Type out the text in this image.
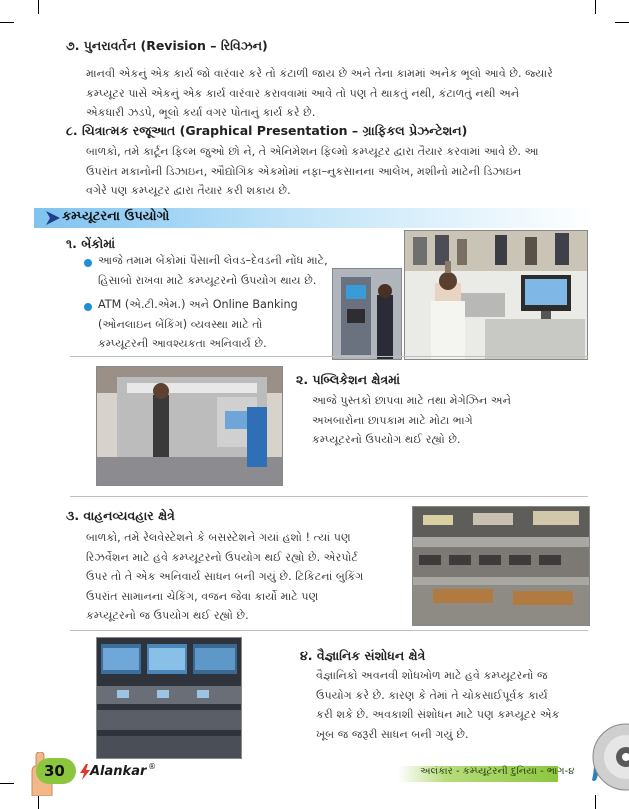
૭. પુનરાવર્તન (Revision – રિવિઝન)
માનવી એકનું એક કાર્ય જો વારંવાર કરે તો કંટાળી જાય છે અને તેના કામમાં અનેક ભૂલો આવે છે. જ્યારે
કમ્પ્યૂટર પાસે એકનું એક કાર્ય વારંવાર કરાવવામાં આવે તો પણ તે થાકતું નથી, કંટાળતું નથી અને
એકધારી ઝડપે, ભૂલો કર્યા વગર પોતાનું કાર્ય કરે છે.
૮. ચિત્રાત્મક રજૂઆત (Graphical Presentation – ગ્રાફિકલ પ્રેઝન્ટેશન)
બાળકો, તમે કાર્ટૂન ફિલ્મ જુઓ છો ને, તે એનિમેશન ફિલ્મો કમ્પ્યૂટર દ્વારા તૈયાર કરવામાં આવે છે. આ
ઉપરાંત મકાનોની ડિઝાઇન, ઔદ્યોગિક એકમોમાં નફા–નુકસાનના આલેખ, મશીનો માટેની ડિઝાઇન
વગેરે પણ કમ્પ્યૂટર દ્વારા તૈયાર કરી શકાય છે.
કમ્પ્યૂટરના ઉપયોગો
૧. બેંકોમાં
આજે તમામ બેંકોમાં પૈસાની લેવડ–દેવડની નોંધ માટે,
હિસાબો રાખવા માટે કમ્પ્યૂટરનો ઉપયોગ થાય છે.
ATM (એ.ટી.એમ.) અને Online Banking
(ઓનલાઇન બેંકિંગ) વ્યવસ્થા માટે તો
કમ્પ્યૂટરની આવશ્યકતા અનિવાર્ય છે.
૨. પબ્લિકેશન ક્ષેત્રમાં
આજે પુસ્તકો છાપવા માટે તથા મેગેઝિન અને
અખબારોના છાપકામ માટે મોટા ભાગે
કમ્પ્યૂટરનો ઉપયોગ થઈ રહ્યો છે.
૩. વાહનવ્યવહાર ક્ષેત્રે
બાળકો, તમે રેલવેસ્ટેશને કે બસસ્ટેશને ગયાં હશો ! ત્યાં પણ
રિઝર્વેશન માટે હવે કમ્પ્યૂટરનો ઉપયોગ થઈ રહ્યો છે. એરપોર્ટ
ઉપર તો તે એક અનિવાર્ય સાધન બની ગયું છે. ટિકિટનાં બુકિંગ
ઉપરાંત સામાનના ચેકિંગ, વજન જેવા કાર્યો માટે પણ
કમ્પ્યૂટરનો જ ઉપયોગ થઈ રહ્યો છે.
૪. વૈજ્ઞાનિક સંશોધન ક્ષેત્રે
વૈજ્ઞાનિકો અવનવી શોધખોળ માટે હવે કમ્પ્યૂટરનો જ
ઉપયોગ કરે છે. કારણ કે તેમાં તે ચોકસાઈપૂર્વક કાર્ય
કરી શકે છે. અવકાશી સંશોધન માટે પણ કમ્પ્યૂટર એક
ખૂબ જ જરૂરી સાધન બની ગયું છે.
30 Alankar ®	અલંકાર - કમ્પ્યૂટરની દુનિયા - ભાગ-૪
